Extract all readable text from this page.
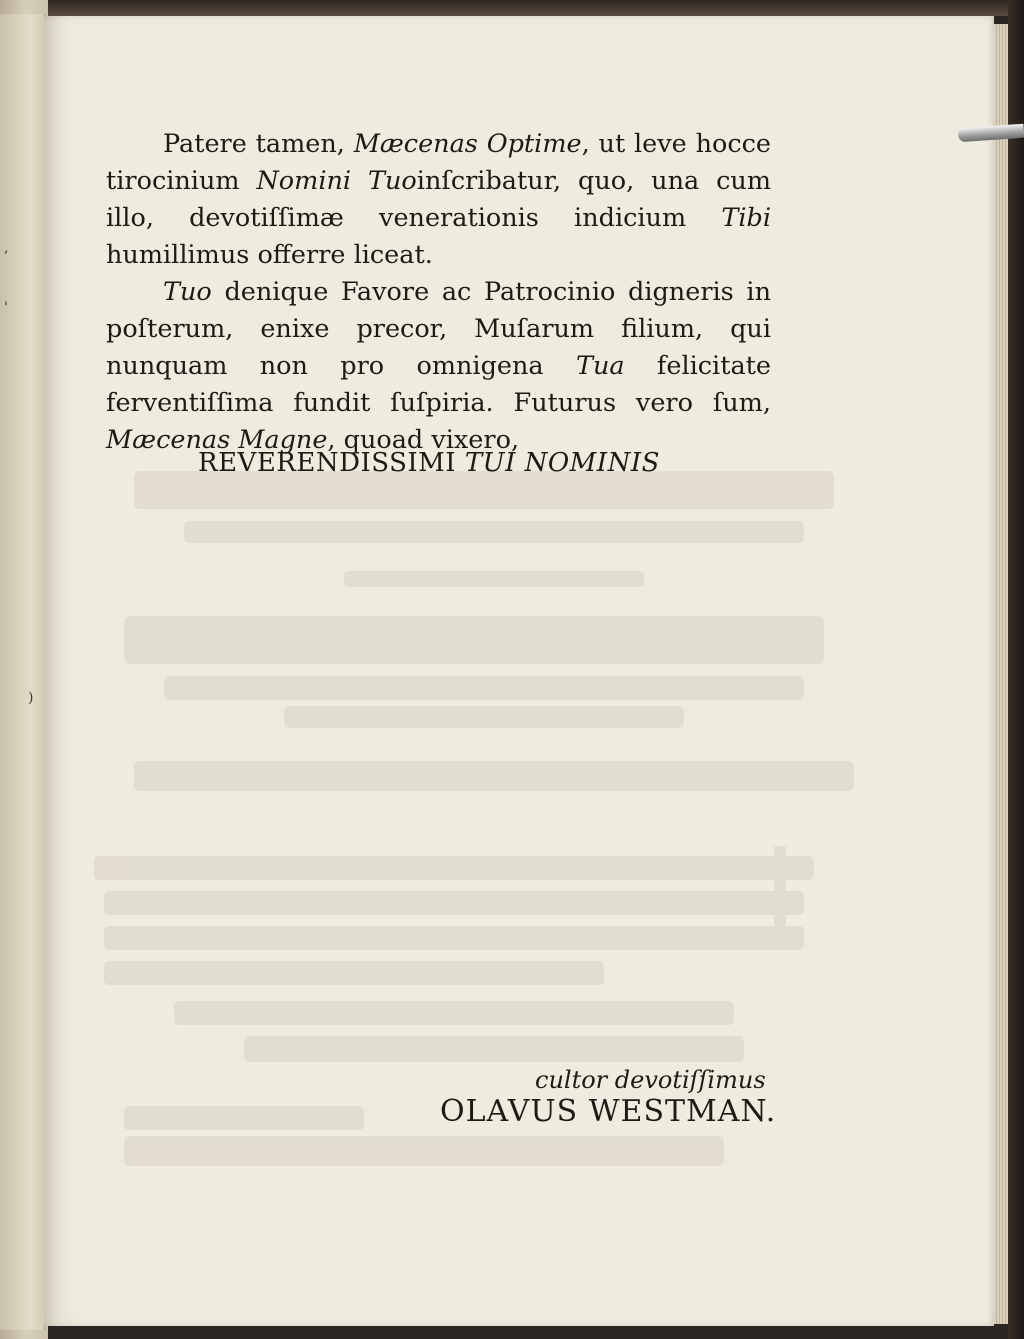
,
'
)

Patere tamen, Mæcenas Optime, ut leve hocce tirocinium Nomini Tuoinſcribatur, quo, una cum illo, devotiſſimæ venerationis indicium Tibi humillimus offerre liceat.

Tuo denique Favore ac Patrocinio digneris in poſterum, enixe precor, Muſarum filium, qui nunquam non pro omnigena Tua felicitate ferventiſſima fundit ſuſpiria. Futurus vero ſum, Mæcenas Magne, quoad vixero,

REVERENDISSIMI TUI NOMINIS
cultor devotiſſimus
OLAVUS WESTMAN.
